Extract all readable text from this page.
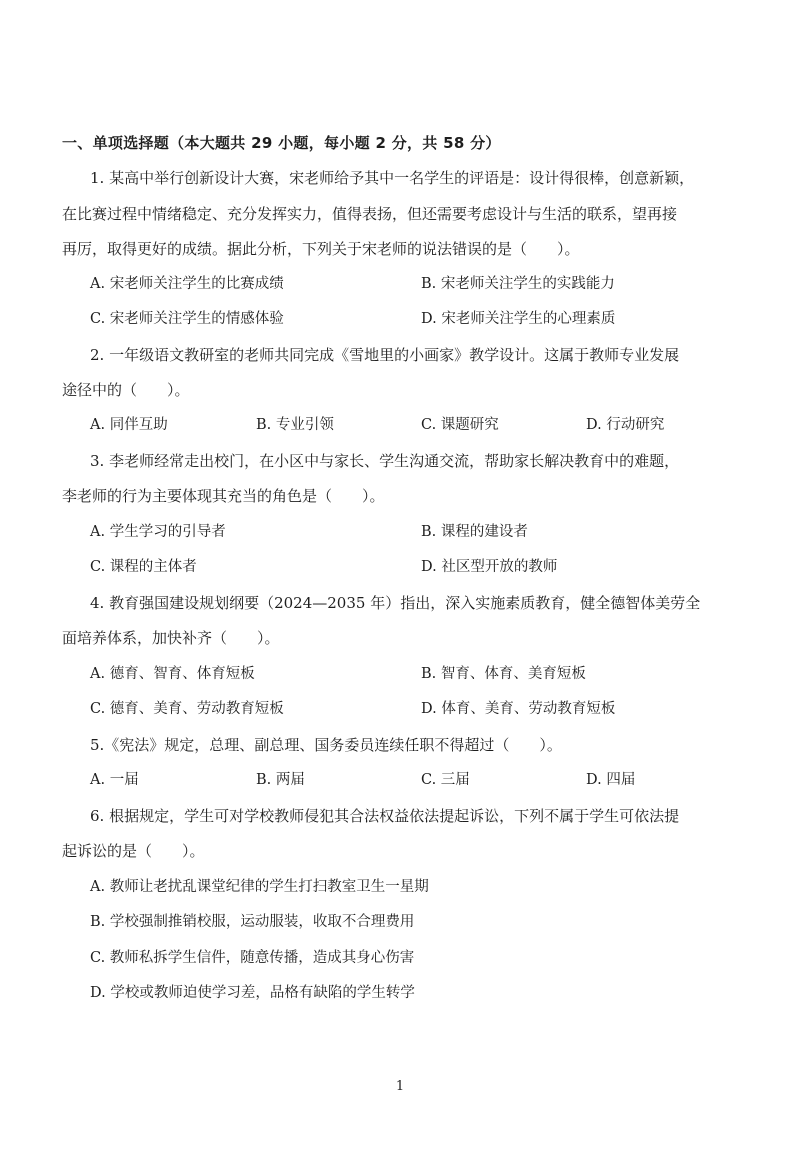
一、单项选择题（本大题共 29 小题，每小题 2 分，共 58 分）
1. 某高中举行创新设计大赛，宋老师给予其中一名学生的评语是：设计得很棒，创意新颖，
在比赛过程中情绪稳定、充分发挥实力，值得表扬，但还需要考虑设计与生活的联系，望再接
再厉，取得更好的成绩。据此分析，下列关于宋老师的说法错误的是（　　）。
A. 宋老师关注学生的比赛成绩	B. 宋老师关注学生的实践能力
C. 宋老师关注学生的情感体验	D. 宋老师关注学生的心理素质
2. 一年级语文教研室的老师共同完成《雪地里的小画家》教学设计。这属于教师专业发展
途径中的（　　）。
A. 同伴互助	B. 专业引领	C. 课题研究	D. 行动研究
3. 李老师经常走出校门，在小区中与家长、学生沟通交流，帮助家长解决教育中的难题，
李老师的行为主要体现其充当的角色是（　　）。
A. 学生学习的引导者	B. 课程的建设者
C. 课程的主体者	D. 社区型开放的教师
4. 教育强国建设规划纲要（2024—2035 年）指出，深入实施素质教育，健全德智体美劳全
面培养体系，加快补齐（　　）。
A. 德育、智育、体育短板	B. 智育、体育、美育短板
C. 德育、美育、劳动教育短板	D. 体育、美育、劳动教育短板
5.《宪法》规定，总理、副总理、国务委员连续任职不得超过（　　）。
A. 一届	B. 两届	C. 三届	D. 四届
6. 根据规定，学生可对学校教师侵犯其合法权益依法提起诉讼，下列不属于学生可依法提
起诉讼的是（　　）。
A. 教师让老扰乱课堂纪律的学生打扫教室卫生一星期
B. 学校强制推销校服，运动服装，收取不合理费用
C. 教师私拆学生信件，随意传播，造成其身心伤害
D. 学校或教师迫使学习差，品格有缺陷的学生转学
1
